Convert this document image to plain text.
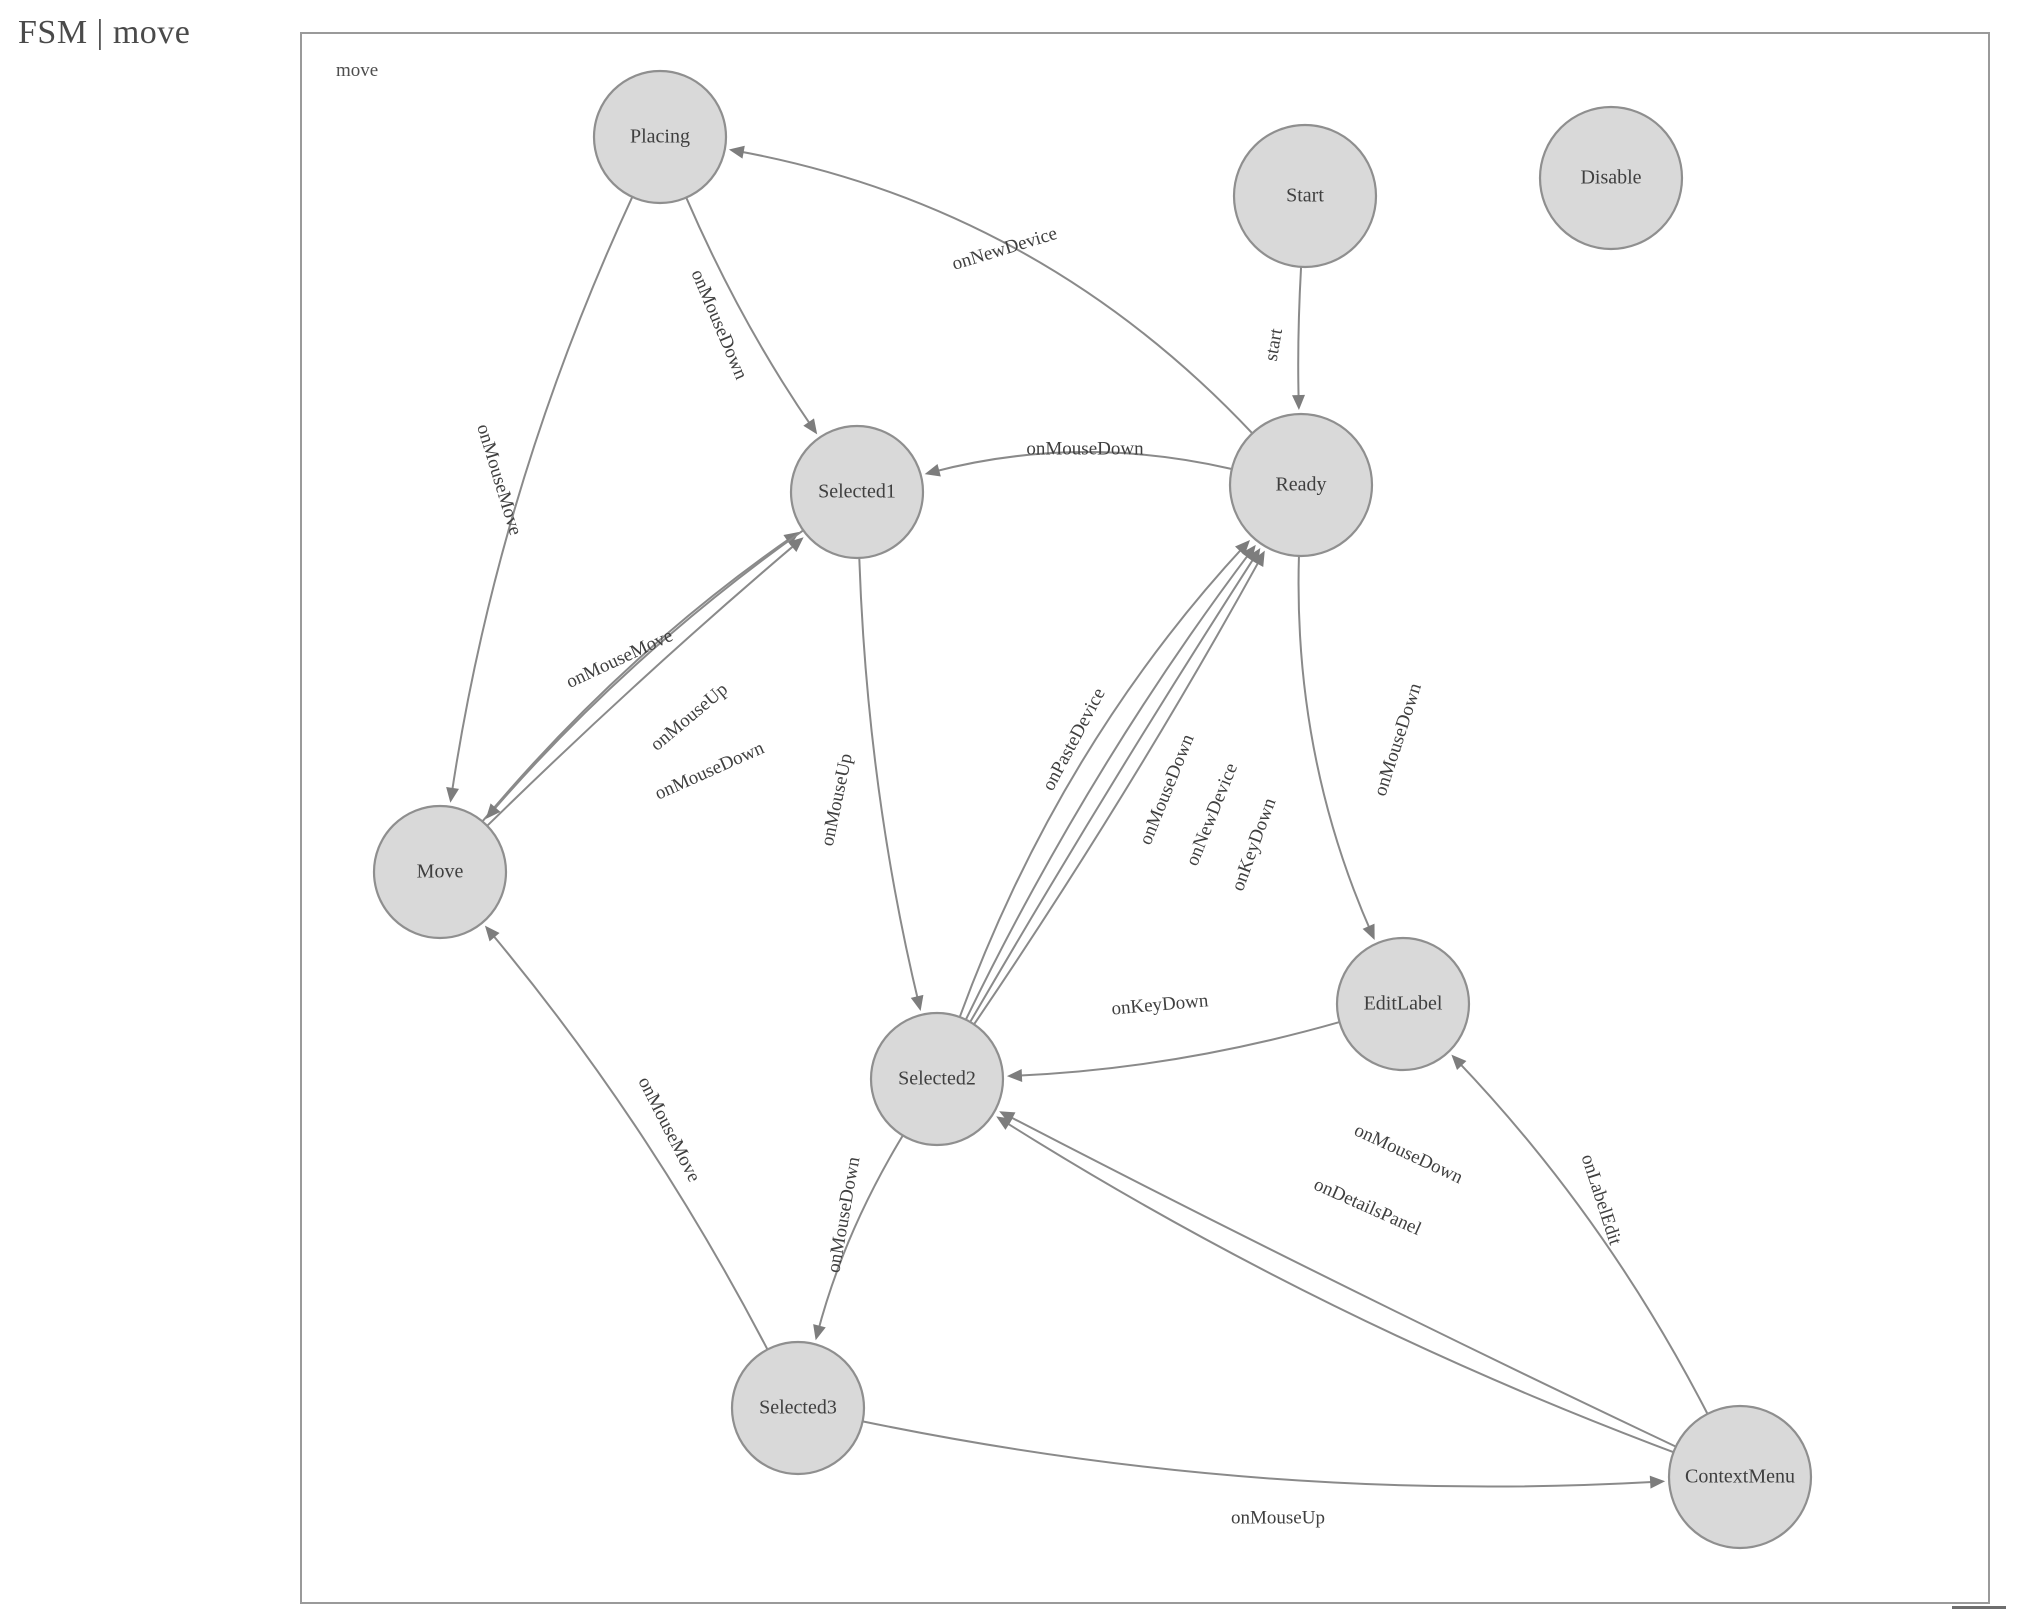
FSM | move
move
Placing
Start
Disable
Selected1	Ready
Move
EditLabel
Selected2
Selected3
ContextMenu
start
onNewDevice
onMouseDown
onMouseDown
onMouseMove
onMouseMove
onMouseUp
onMouseDown	onMouseUp
onPasteDevice onMouseDown
onNewDevice
onKeyDown
onMouseDown
onKeyDown
onMouseDown
onMouseMove
onMouseUp
onMouseDown
onDetailsPanel	onLabelEdit
